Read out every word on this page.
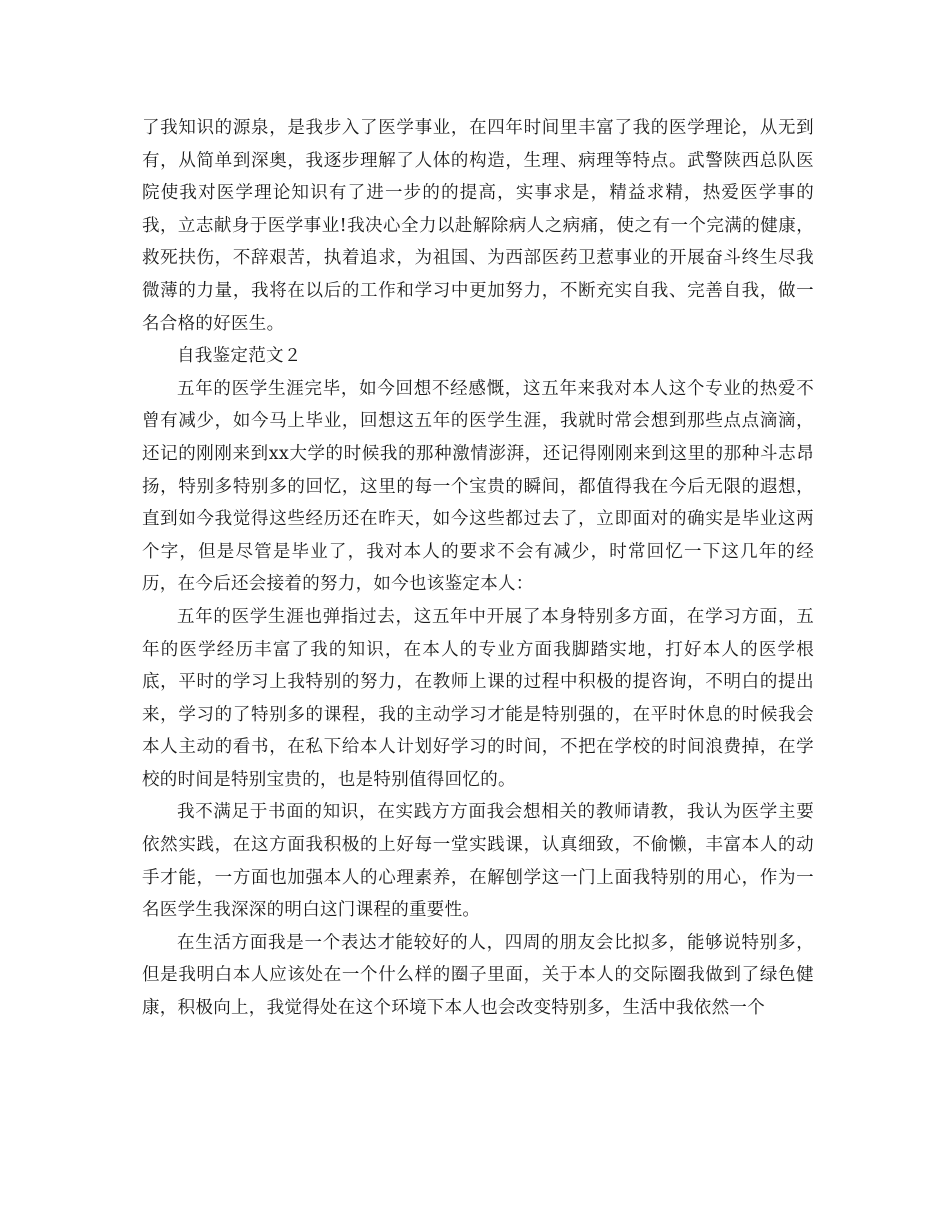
了我知识的源泉，是我步入了医学事业，在四年时间里丰富了我的医学理论，从无到有，从简单到深奥，我逐步理解了人体的构造，生理、病理等特点。武警陕西总队医院使我对医学理论知识有了进一步的的提高，实事求是，精益求精，热爱医学事的我，立志献身于医学事业!我决心全力以赴解除病人之病痛，使之有一个完满的健康，救死扶伤，不辞艰苦，执着追求，为祖国、为西部医药卫惹事业的开展奋斗终生尽我微薄的力量，我将在以后的工作和学习中更加努力，不断充实自我、完善自我，做一名合格的好医生。

自我鉴定范文２

五年的医学生涯完毕，如今回想不经感慨，这五年来我对本人这个专业的热爱不曾有减少，如今马上毕业，回想这五年的医学生涯，我就时常会想到那些点点滴滴，还记的刚刚来到xx大学的时候我的那种激情澎湃，还记得刚刚来到这里的那种斗志昂扬，特别多特别多的回忆，这里的每一个宝贵的瞬间，都值得我在今后无限的遐想，直到如今我觉得这些经历还在昨天，如今这些都过去了，立即面对的确实是毕业这两个字，但是尽管是毕业了，我对本人的要求不会有减少，时常回忆一下这几年的经历，在今后还会接着的努力，如今也该鉴定本人：

五年的医学生涯也弹指过去，这五年中开展了本身特别多方面，在学习方面，五年的医学经历丰富了我的知识，在本人的专业方面我脚踏实地，打好本人的医学根底，平时的学习上我特别的努力，在教师上课的过程中积极的提咨询，不明白的提出来，学习的了特别多的课程，我的主动学习才能是特别强的，在平时休息的时候我会本人主动的看书，在私下给本人计划好学习的时间，不把在学校的时间浪费掉，在学校的时间是特别宝贵的，也是特别值得回忆的。

我不满足于书面的知识，在实践方方面我会想相关的教师请教，我认为医学主要依然实践，在这方面我积极的上好每一堂实践课，认真细致，不偷懒，丰富本人的动手才能，一方面也加强本人的心理素养，在解刨学这一门上面我特别的用心，作为一名医学生我深深的明白这门课程的重要性。

在生活方面我是一个表达才能较好的人，四周的朋友会比拟多，能够说特别多，但是我明白本人应该处在一个什么样的圈子里面，关于本人的交际圈我做到了绿色健康，积极向上，我觉得处在这个环境下本人也会改变特别多，生活中我依然一个
